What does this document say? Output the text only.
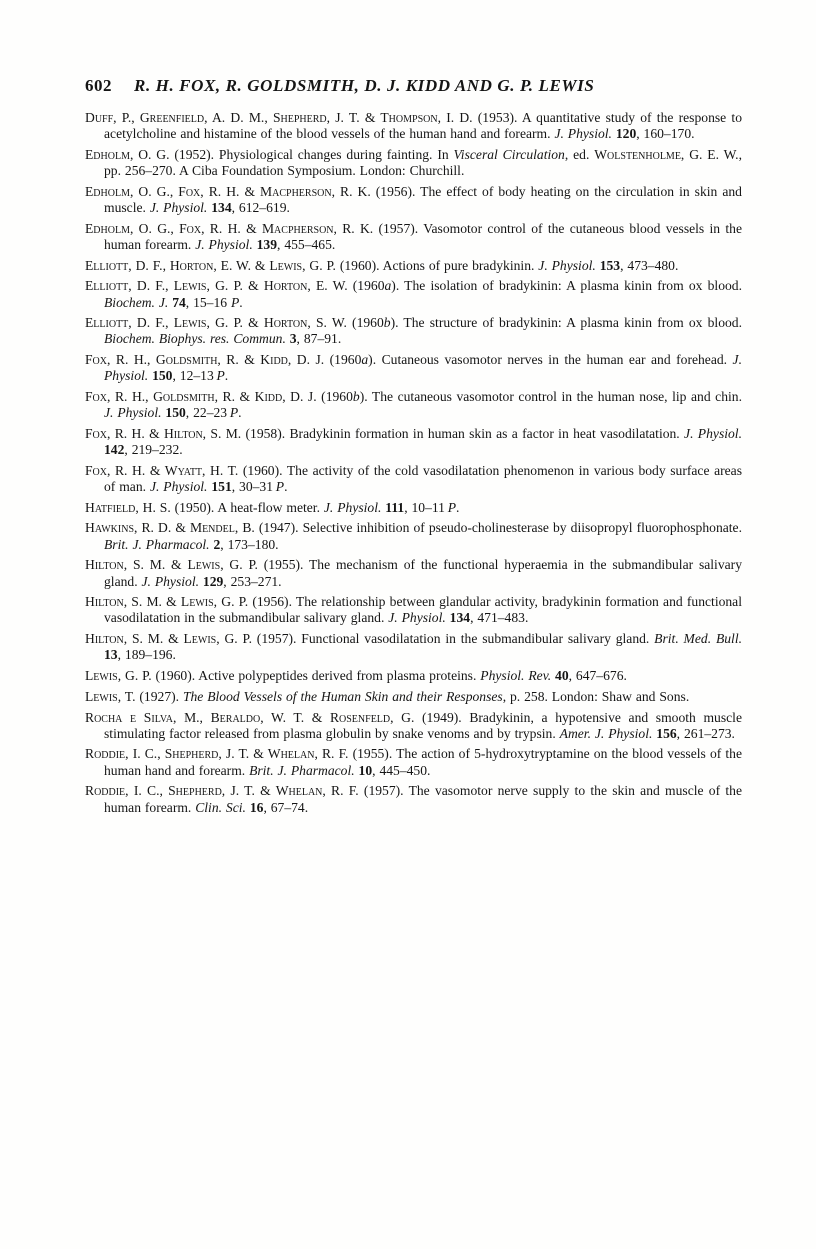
602 R. H. FOX, R. GOLDSMITH, D. J. KIDD AND G. P. LEWIS

Duff, P., Greenfield, A. D. M., Shepherd, J. T. & Thompson, I. D. (1953). A quantitative study of the response to acetylcholine and histamine of the blood vessels of the human hand and forearm. J. Physiol. 120, 160–170.

Edholm, O. G. (1952). Physiological changes during fainting. In Visceral Circulation, ed. Wolstenholme, G. E. W., pp. 256–270. A Ciba Foundation Symposium. London: Churchill.

Edholm, O. G., Fox, R. H. & Macpherson, R. K. (1956). The effect of body heating on the circulation in skin and muscle. J. Physiol. 134, 612–619.

Edholm, O. G., Fox, R. H. & Macpherson, R. K. (1957). Vasomotor control of the cutaneous blood vessels in the human forearm. J. Physiol. 139, 455–465.

Elliott, D. F., Horton, E. W. & Lewis, G. P. (1960). Actions of pure bradykinin. J. Physiol. 153, 473–480.

Elliott, D. F., Lewis, G. P. & Horton, E. W. (1960a). The isolation of bradykinin: A plasma kinin from ox blood. Biochem. J. 74, 15–16 P.

Elliott, D. F., Lewis, G. P. & Horton, S. W. (1960b). The structure of bradykinin: A plasma kinin from ox blood. Biochem. Biophys. res. Commun. 3, 87–91.

Fox, R. H., Goldsmith, R. & Kidd, D. J. (1960a). Cutaneous vasomotor nerves in the human ear and forehead. J. Physiol. 150, 12–13 P.

Fox, R. H., Goldsmith, R. & Kidd, D. J. (1960b). The cutaneous vasomotor control in the human nose, lip and chin. J. Physiol. 150, 22–23 P.

Fox, R. H. & Hilton, S. M. (1958). Bradykinin formation in human skin as a factor in heat vasodilatation. J. Physiol. 142, 219–232.

Fox, R. H. & Wyatt, H. T. (1960). The activity of the cold vasodilatation phenomenon in various body surface areas of man. J. Physiol. 151, 30–31 P.

Hatfield, H. S. (1950). A heat-flow meter. J. Physiol. 111, 10–11 P.

Hawkins, R. D. & Mendel, B. (1947). Selective inhibition of pseudo-cholinesterase by diisopropyl fluorophosphonate. Brit. J. Pharmacol. 2, 173–180.

Hilton, S. M. & Lewis, G. P. (1955). The mechanism of the functional hyperaemia in the submandibular salivary gland. J. Physiol. 129, 253–271.

Hilton, S. M. & Lewis, G. P. (1956). The relationship between glandular activity, bradykinin formation and functional vasodilatation in the submandibular salivary gland. J. Physiol. 134, 471–483.

Hilton, S. M. & Lewis, G. P. (1957). Functional vasodilatation in the submandibular salivary gland. Brit. Med. Bull. 13, 189–196.

Lewis, G. P. (1960). Active polypeptides derived from plasma proteins. Physiol. Rev. 40, 647–676.

Lewis, T. (1927). The Blood Vessels of the Human Skin and their Responses, p. 258. London: Shaw and Sons.

Rocha e Silva, M., Beraldo, W. T. & Rosenfeld, G. (1949). Bradykinin, a hypotensive and smooth muscle stimulating factor released from plasma globulin by snake venoms and by trypsin. Amer. J. Physiol. 156, 261–273.

Roddie, I. C., Shepherd, J. T. & Whelan, R. F. (1955). The action of 5-hydroxytryptamine on the blood vessels of the human hand and forearm. Brit. J. Pharmacol. 10, 445–450.

Roddie, I. C., Shepherd, J. T. & Whelan, R. F. (1957). The vasomotor nerve supply to the skin and muscle of the human forearm. Clin. Sci. 16, 67–74.
